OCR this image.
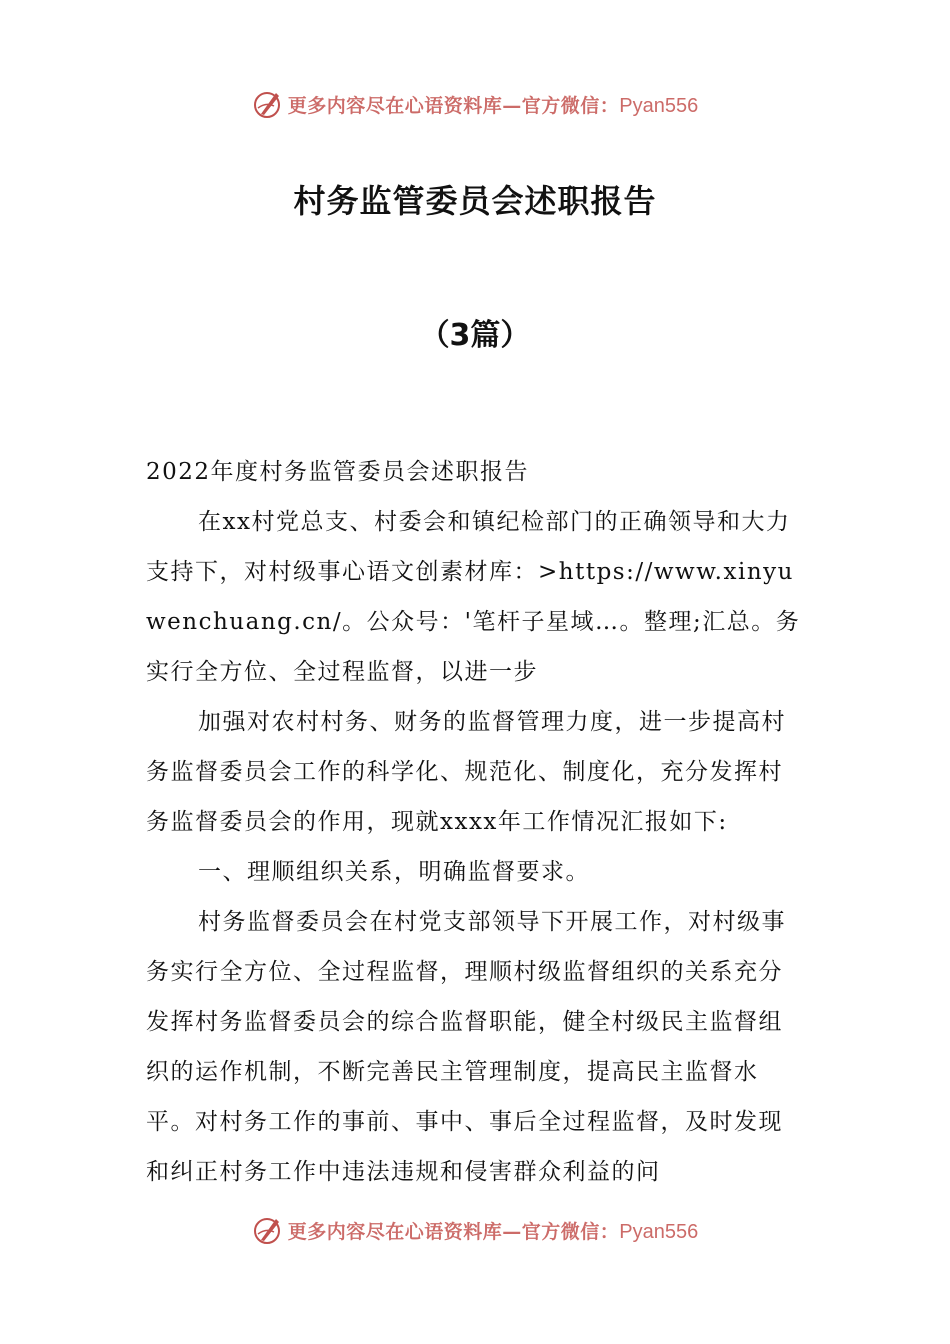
更多内容尽在心语资料库—官方微信：Pyan556
村务监管委员会述职报告
（3篇）

2022年度村务监管委员会述职报告

在xx村党总支、村委会和镇纪检部门的正确领导和大力支持下，对村级事心语文创素材库：>https://www.xinyuwenchuang.cn/。公众号：'笔杆子星域…。整理;汇总。务实行全方位、全过程监督，以进一步

加强对农村村务、财务的监督管理力度，进一步提高村务监督委员会工作的科学化、规范化、制度化，充分发挥村务监督委员会的作用，现就xxxx年工作情况汇报如下:

一、理顺组织关系，明确监督要求。

村务监督委员会在村党支部领导下开展工作，对村级事务实行全方位、全过程监督，理顺村级监督组织的关系充分发挥村务监督委员会的综合监督职能，健全村级民主监督组织的运作机制，不断完善民主管理制度，提高民主监督水平。对村务工作的事前、事中、事后全过程监督，及时发现和纠正村务工作中违法违规和侵害群众利益的问

更多内容尽在心语资料库—官方微信：Pyan556
